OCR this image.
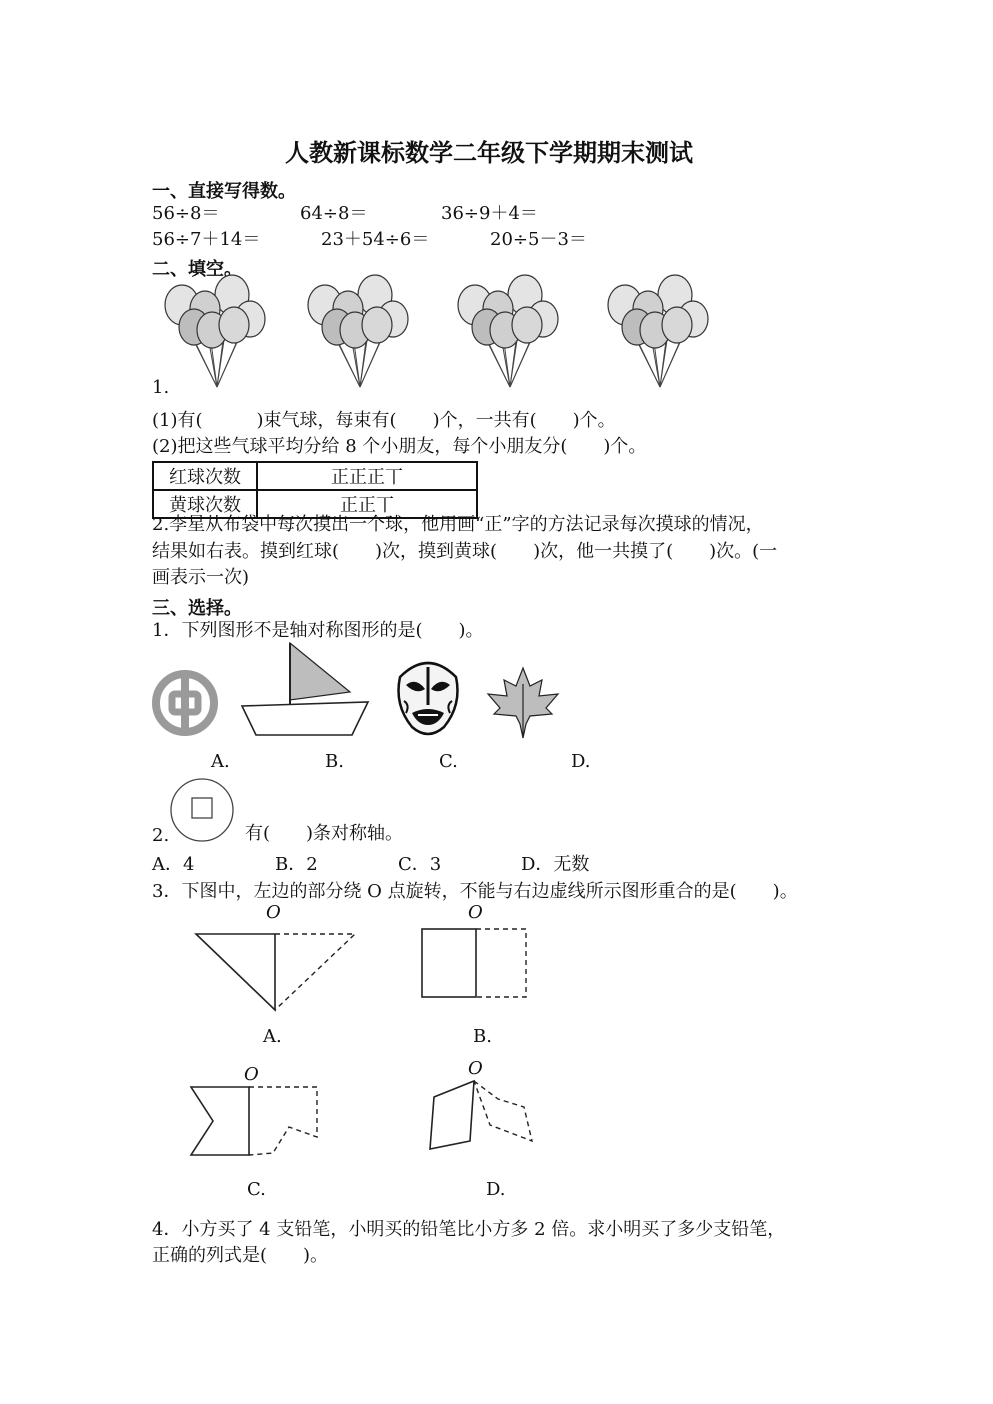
人教新课标数学二年级下学期期末测试
一、直接写得数。
56÷8＝	64÷8＝	36÷9＋4＝
56÷7＋14＝	23＋54÷6＝	20÷5－3＝
二、填空。
1.
(1)有(　　　)束气球，每束有(　　)个，一共有(　　)个。
(2)把这些气球平均分给 8 个小朋友，每个小朋友分(　　)个。
红球次数	正正正丅
黄球次数	正正丅
2.李星从布袋中每次摸出一个球，他用画“正”字的方法记录每次摸球的情况，
结果如右表。摸到红球(　　)次，摸到黄球(　　)次，他一共摸了(　　)次。(一
画表示一次)
三、选择。
1．下列图形不是轴对称图形的是(　　)。
A.	B.	C.	D.
2.	有(　　)条对称轴。
A．4	B．2	C．3	D．无数
3．下图中，左边的部分绕 O 点旋转，不能与右边虚线所示图形重合的是(　　)。
O
A.
O
B.
O
C.
O
D.
4．小方买了 4 支铅笔，小明买的铅笔比小方多 2 倍。求小明买了多少支铅笔，
正确的列式是(　　)。
